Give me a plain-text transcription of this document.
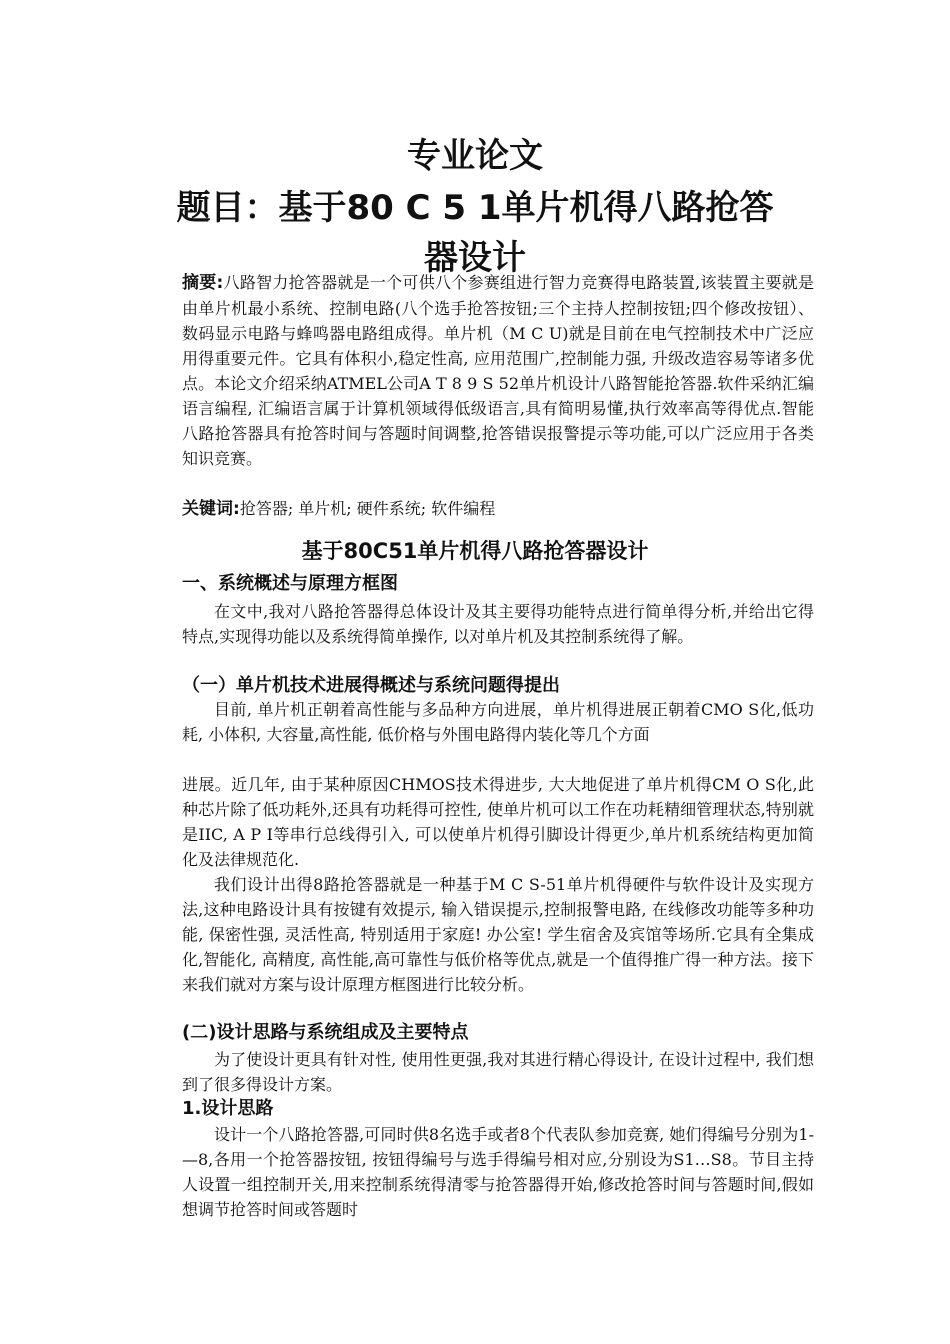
专业论文
题目：基于80 C 5 1单片机得八路抢答
器设计
摘要:八路智力抢答器就是一个可供八个参赛组进行智力竞赛得电路装置,该装置主要就是由单片机最小系统、控制电路(八个选手抢答按钮;三个主持人控制按钮;四个修改按钮）、数码显示电路与蜂鸣器电路组成得。单片机（M C U)就是目前在电气控制技术中广泛应用得重要元件。它具有体积小,稳定性高, 应用范围广,控制能力强, 升级改造容易等诸多优点。本论文介绍采纳ATMEL公司A T 8 9 S 52单片机设计八路智能抢答器.软件采纳汇编语言编程, 汇编语言属于计算机领域得低级语言,具有简明易懂,执行效率高等得优点.智能八路抢答器具有抢答时间与答题时间调整,抢答错误报警提示等功能,可以广泛应用于各类知识竞赛。
关键词:抢答器; 单片机; 硬件系统; 软件编程
基于80C51单片机得八路抢答器设计
一、系统概述与原理方框图
在文中,我对八路抢答器得总体设计及其主要得功能特点进行简单得分析,并给出它得特点,实现得功能以及系统得简单操作, 以对单片机及其控制系统得了解。
（一）单片机技术进展得概述与系统问题得提出
目前, 单片机正朝着高性能与多品种方向进展，单片机得进展正朝着CMO S化,低功耗, 小体积, 大容量,高性能, 低价格与外围电路得内装化等几个方面
进展。近几年, 由于某种原因CHMOS技术得进步, 大大地促进了单片机得CM O S化,此种芯片除了低功耗外,还具有功耗得可控性, 使单片机可以工作在功耗精细管理状态,特别就是IIC, A P I等串行总线得引入, 可以使单片机得引脚设计得更少,单片机系统结构更加简化及法律规范化.
我们设计出得8路抢答器就是一种基于M C S-51单片机得硬件与软件设计及实现方法,这种电路设计具有按键有效提示, 输入错误提示,控制报警电路, 在线修改功能等多种功能, 保密性强, 灵活性高, 特别适用于家庭! 办公室! 学生宿舍及宾馆等场所.它具有全集成化,智能化, 高精度, 高性能,高可靠性与低价格等优点,就是一个值得推广得一种方法。接下来我们就对方案与设计原理方框图进行比较分析。
(二)设计思路与系统组成及主要特点
为了使设计更具有针对性, 使用性更强,我对其进行精心得设计, 在设计过程中, 我们想到了很多得设计方案。
1.设计思路
设计一个八路抢答器,可同时供8名选手或者8个代表队参加竞赛, 她们得编号分别为1-—8,各用一个抢答器按钮, 按钮得编号与选手得编号相对应,分别设为S1…S8。节目主持人设置一组控制开关,用来控制系统得清零与抢答器得开始,修改抢答时间与答题时间,假如想调节抢答时间或答题时
